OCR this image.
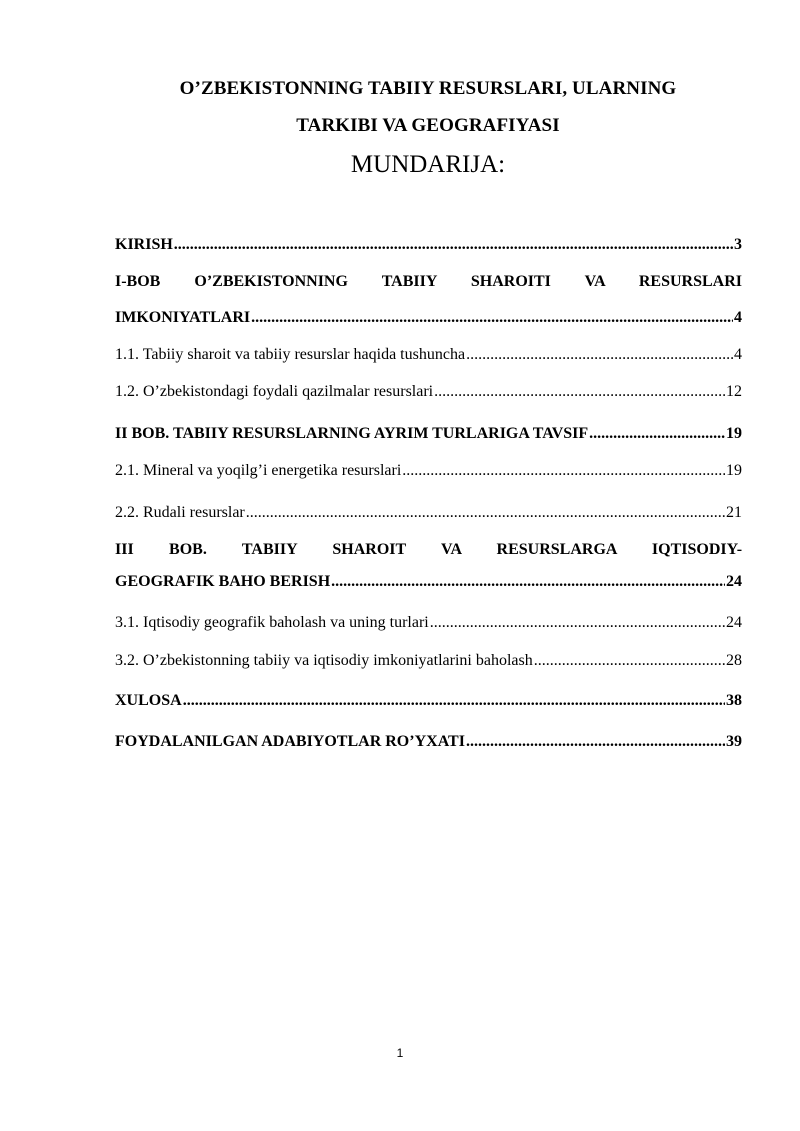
O’ZBEKISTONNING TABIIY RESURSLARI, ULARNING
TARKIBI VA GEOGRAFIYASI
MUNDARIJA:
KIRISH .....	3
I-BOB O’ZBEKISTONNING TABIIY SHAROITI VA RESURSLARI
IMKONIYATLARI .....	4
1.1. Tabiiy sharoit va tabiiy resurslar haqida tushuncha .....	4
1.2. O’zbekistondagi foydali qazilmalar resurslari .....	12
II BOB. TABIIY RESURSLARNING AYRIM TURLARIGA TAVSIF .....	19
2.1. Mineral va yoqilg’i energetika resurslari .....	19
2.2. Rudali resurslar .....	21
III BOB. TABIIY SHAROIT VA RESURSLARGA IQTISODIY-
GEOGRAFIK BAHO BERISH .....	24
3.1. Iqtisodiy geografik baholash va uning turlari .....	24
3.2. O’zbekistonning tabiiy va iqtisodiy imkoniyatlarini baholash .....	28
XULOSA .....	38
FOYDALANILGAN ADABIYOTLAR RO’YXATI .....	39
1
